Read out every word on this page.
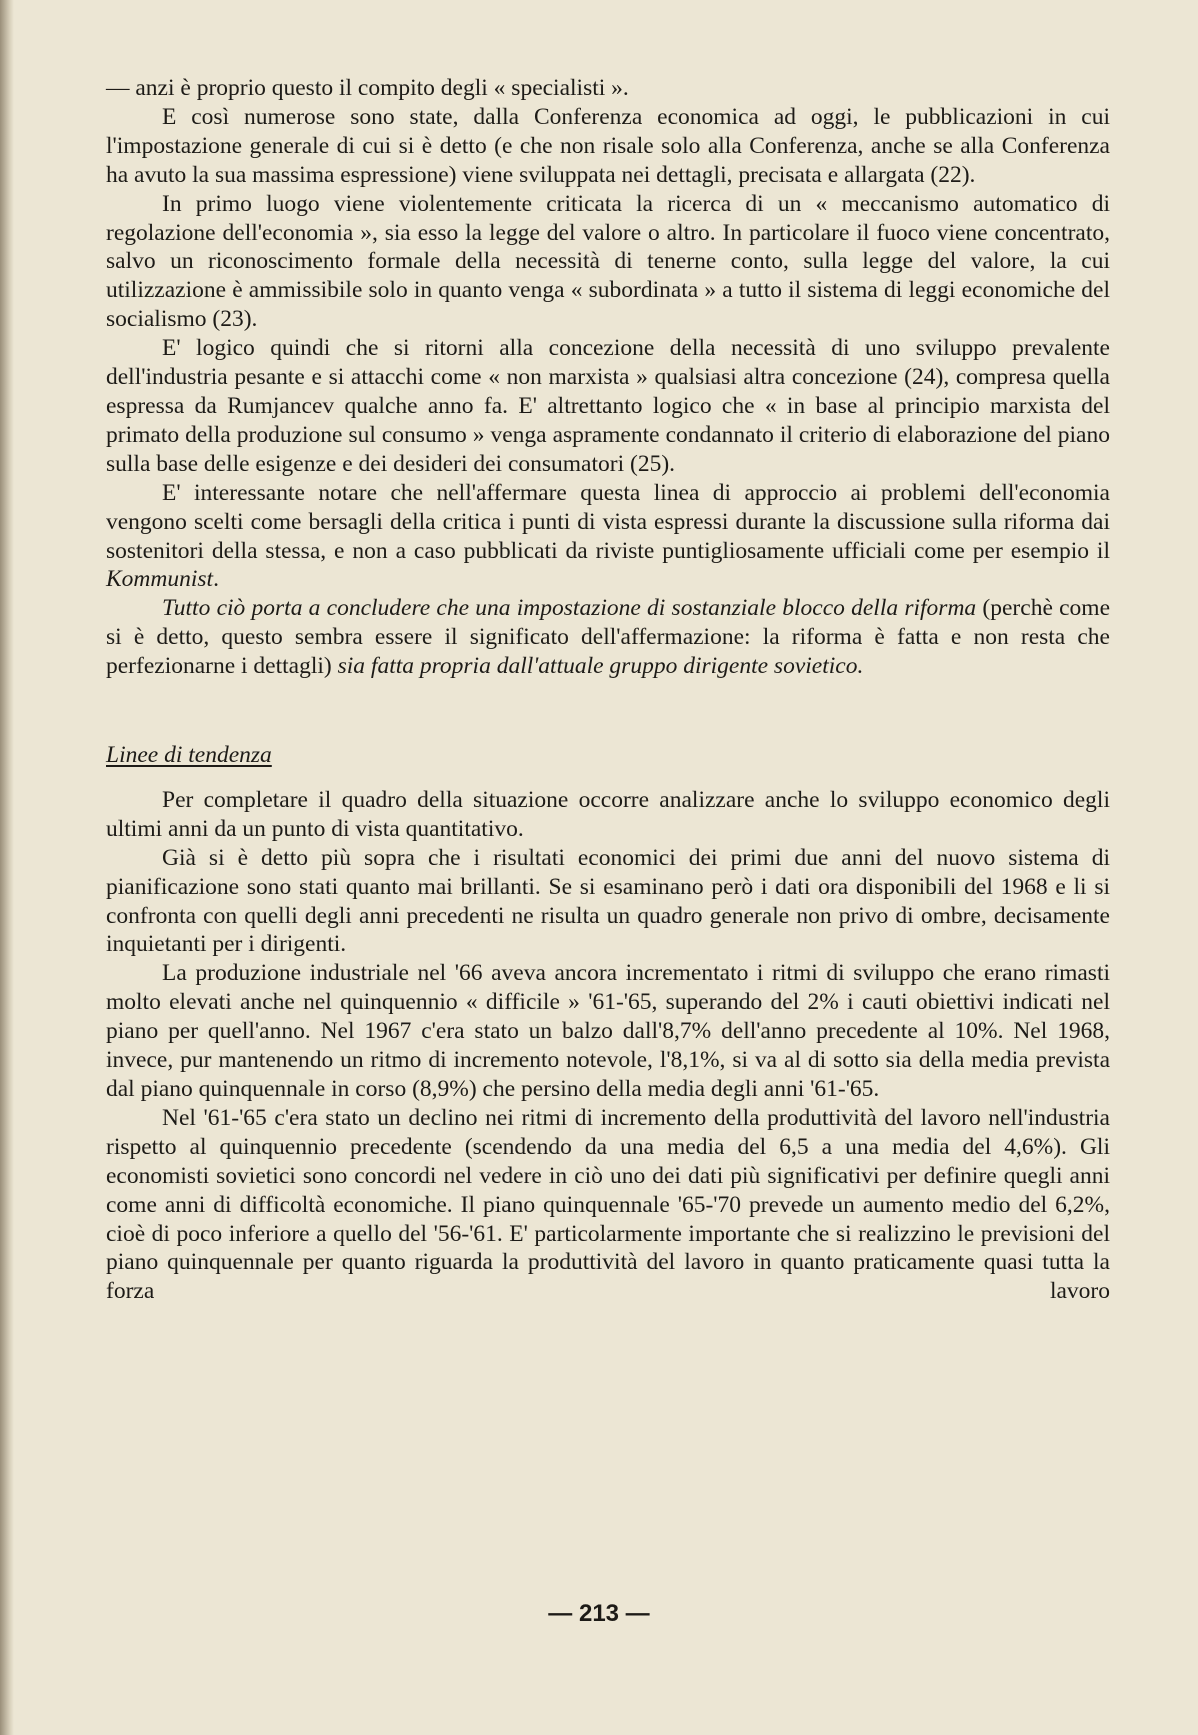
— anzi è proprio questo il compito degli « specialisti ».

E così numerose sono state, dalla Conferenza economica ad oggi, le pubblicazioni in cui l'impostazione generale di cui si è detto (e che non risale solo alla Conferenza, anche se alla Conferenza ha avuto la sua massima espressione) viene sviluppata nei dettagli, precisata e allargata (22).

In primo luogo viene violentemente criticata la ricerca di un « meccanismo automatico di regolazione dell'economia », sia esso la legge del valore o altro. In particolare il fuoco viene concentrato, salvo un riconoscimento formale della necessità di tenerne conto, sulla legge del valore, la cui utilizzazione è ammissibile solo in quanto venga « subordinata » a tutto il sistema di leggi economiche del socialismo (23).

E' logico quindi che si ritorni alla concezione della necessità di uno sviluppo prevalente dell'industria pesante e si attacchi come « non marxista » qualsiasi altra concezione (24), compresa quella espressa da Rumjancev qualche anno fa. E' altrettanto logico che « in base al principio marxista del primato della produzione sul consumo » venga aspramente condannato il criterio di elaborazione del piano sulla base delle esigenze e dei desideri dei consumatori (25).

E' interessante notare che nell'affermare questa linea di approccio ai problemi dell'economia vengono scelti come bersagli della critica i punti di vista espressi durante la discussione sulla riforma dai sostenitori della stessa, e non a caso pubblicati da riviste puntigliosamente ufficiali come per esempio il Kommunist.

Tutto ciò porta a concludere che una impostazione di sostanziale blocco della riforma (perchè come si è detto, questo sembra essere il significato dell'affermazione: la riforma è fatta e non resta che perfezionarne i dettagli) sia fatta propria dall'attuale gruppo dirigente sovietico.

Linee di tendenza

Per completare il quadro della situazione occorre analizzare anche lo sviluppo economico degli ultimi anni da un punto di vista quantitativo.

Già si è detto più sopra che i risultati economici dei primi due anni del nuovo sistema di pianificazione sono stati quanto mai brillanti. Se si esaminano però i dati ora disponibili del 1968 e li si confronta con quelli degli anni precedenti ne risulta un quadro generale non privo di ombre, decisamente inquietanti per i dirigenti.

La produzione industriale nel '66 aveva ancora incrementato i ritmi di sviluppo che erano rimasti molto elevati anche nel quinquennio « difficile » '61-'65, superando del 2% i cauti obiettivi indicati nel piano per quell'anno. Nel 1967 c'era stato un balzo dall'8,7% dell'anno precedente al 10%. Nel 1968, invece, pur mantenendo un ritmo di incremento notevole, l'8,1%, si va al di sotto sia della media prevista dal piano quinquennale in corso (8,9%) che persino della media degli anni '61-'65.

Nel '61-'65 c'era stato un declino nei ritmi di incremento della produttività del lavoro nell'industria rispetto al quinquennio precedente (scendendo da una media del 6,5 a una media del 4,6%). Gli economisti sovietici sono concordi nel vedere in ciò uno dei dati più significativi per definire quegli anni come anni di difficoltà economiche. Il piano quinquennale '65-'70 prevede un aumento medio del 6,2%, cioè di poco inferiore a quello del '56-'61. E' particolarmente importante che si realizzino le previsioni del piano quinquennale per quanto riguarda la produttività del lavoro in quanto praticamente quasi tutta la forza lavoro

— 213 —
